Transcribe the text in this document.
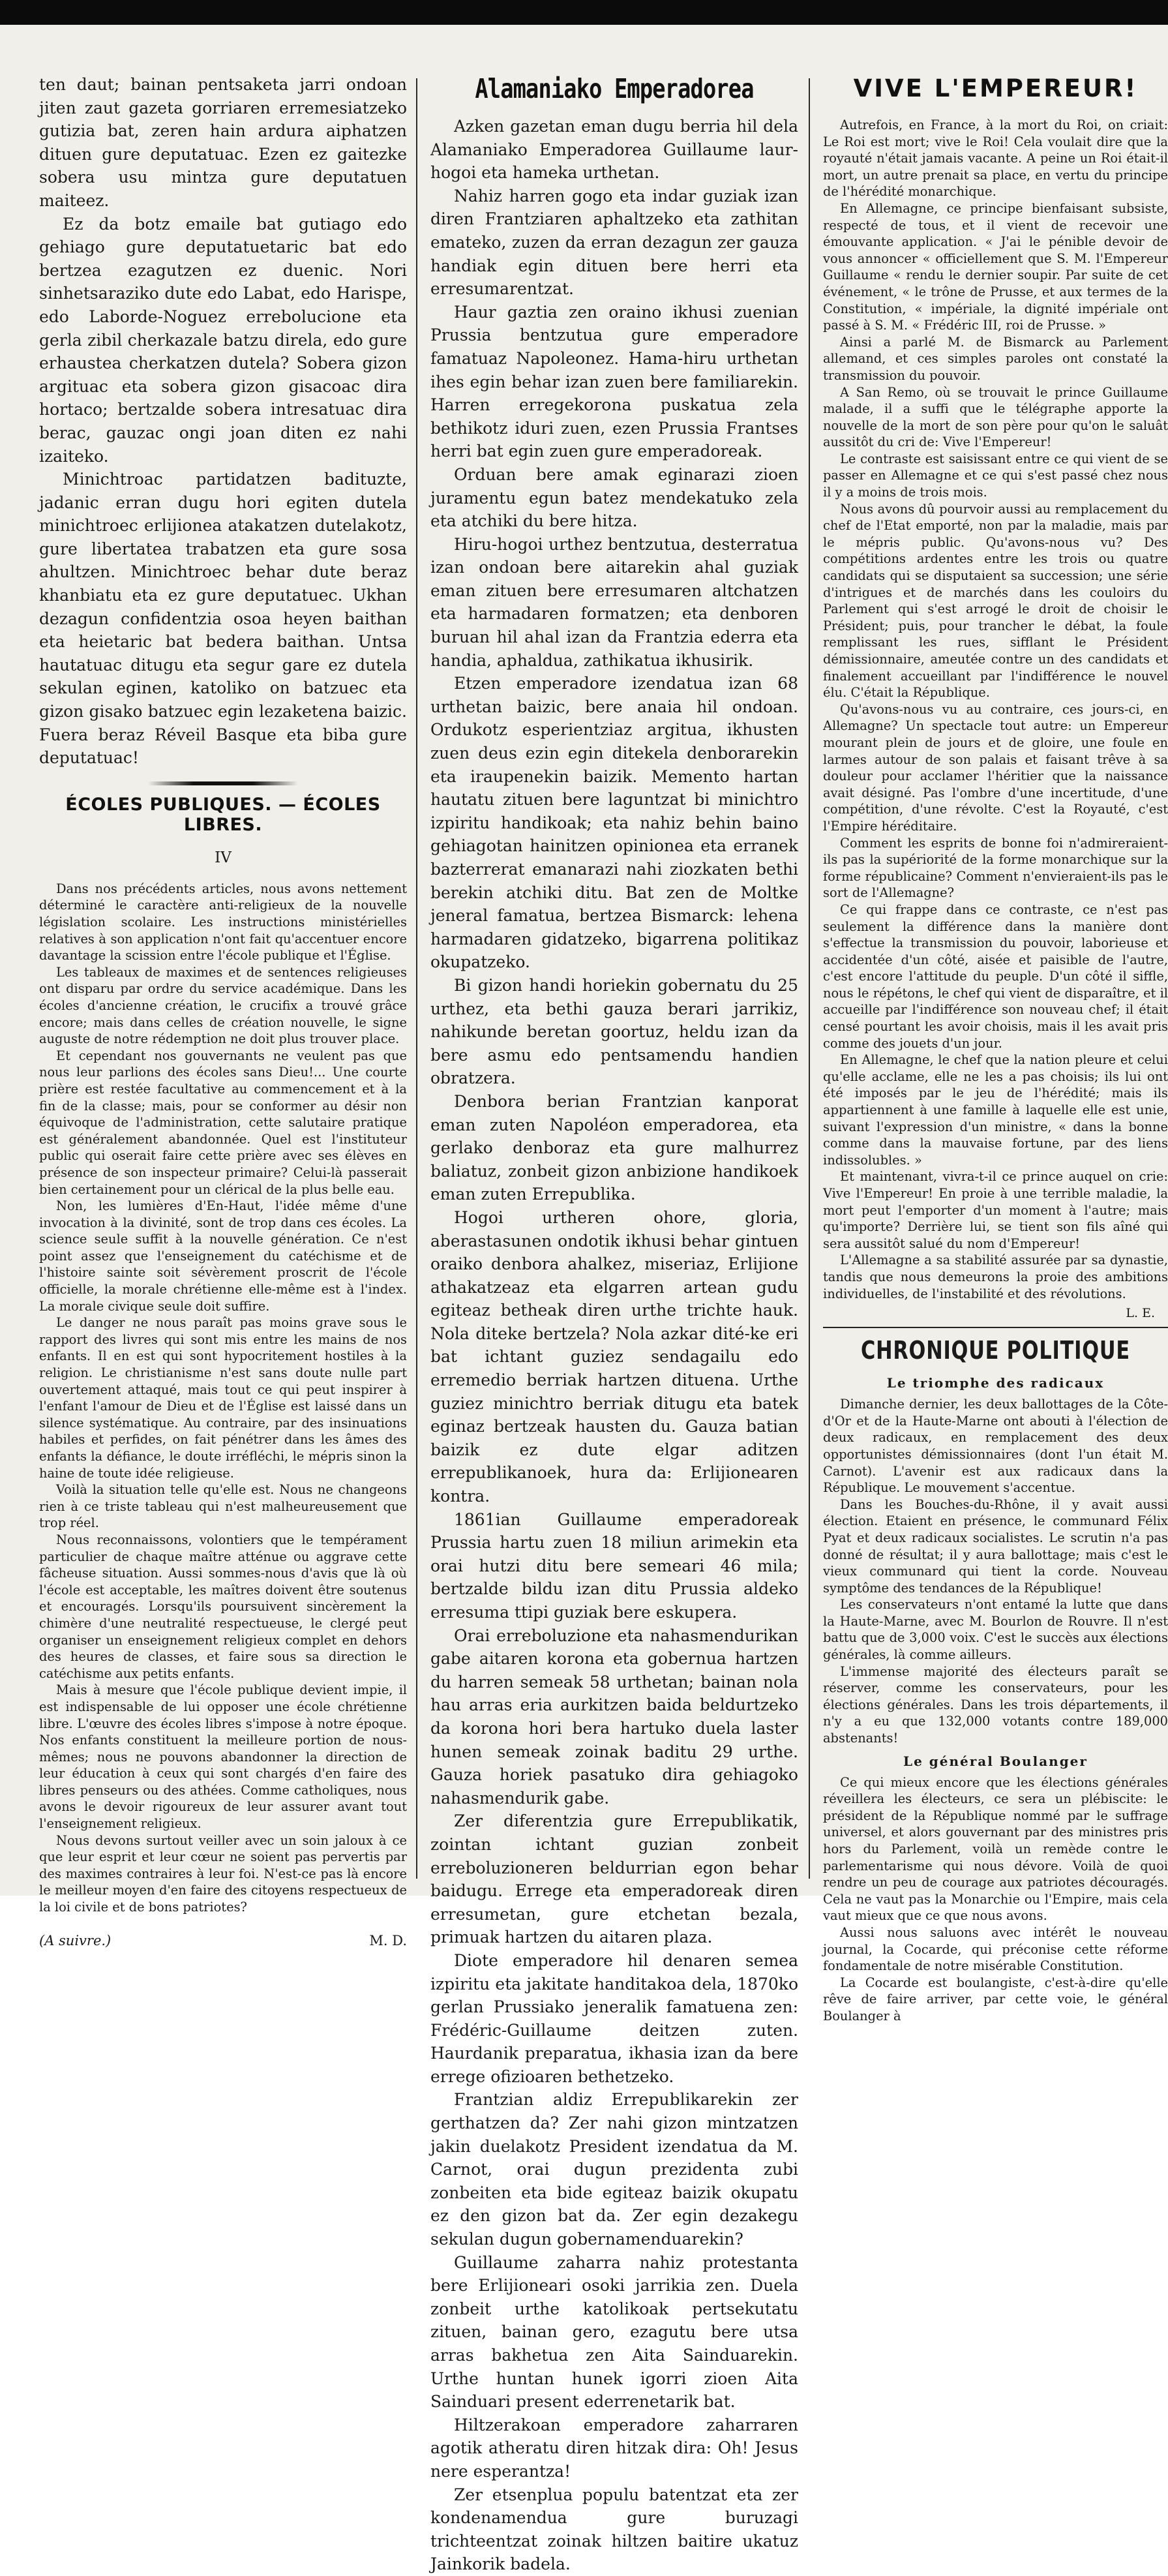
ten daut; bainan pentsaketa jarri ondoan jiten zaut gazeta gorriaren erremesiatzeko gutizia bat, zeren hain ardura aiphatzen dituen gure deputatuac. Ezen ez gaitezke sobera usu mintza gure deputatuen maiteez.

Ez da botz emaile bat gutiago edo gehiago gure deputatuetaric bat edo bertzea ezagutzen ez duenic. Nori sinhetsaraziko dute edo Labat, edo Harispe, edo Laborde-Noguez errebolucione eta gerla zibil cherkazale batzu direla, edo gure erhaustea cherkatzen dutela? Sobera gizon argituac eta sobera gizon gisacoac dira hortaco; bertzalde sobera intresatuac dira berac, gauzac ongi joan diten ez nahi izaiteko.

Minichtroac partidatzen badituzte, jadanic erran dugu hori egiten dutela minichtroec erlijionea atakatzen dutelakotz, gure libertatea trabatzen eta gure sosa ahultzen. Minichtroec behar dute beraz khanbiatu eta ez gure deputatuec. Ukhan dezagun confidentzia osoa heyen baithan eta heietaric bat bedera baithan. Untsa hautatuac ditugu eta segur gare ez dutela sekulan eginen, katoliko on batzuec eta gizon gisako batzuec egin lezaketena baizic. Fuera beraz Réveil Basque eta biba gure deputatuac!

ÉCOLES PUBLIQUES. — ÉCOLES LIBRES.
IV

Dans nos précédents articles, nous avons nettement déterminé le caractère anti-religieux de la nouvelle législation scolaire. Les instructions ministérielles relatives à son application n'ont fait qu'accentuer encore davantage la scission entre l'école publique et l'Église.

Les tableaux de maximes et de sentences religieuses ont disparu par ordre du service académique. Dans les écoles d'ancienne création, le crucifix a trouvé grâce encore; mais dans celles de création nouvelle, le signe auguste de notre rédemption ne doit plus trouver place.

Et cependant nos gouvernants ne veulent pas que nous leur parlions des écoles sans Dieu!... Une courte prière est restée facultative au commencement et à la fin de la classe; mais, pour se conformer au désir non équivoque de l'administration, cette salutaire pratique est généralement abandonnée. Quel est l'instituteur public qui oserait faire cette prière avec ses élèves en présence de son inspecteur primaire? Celui-là passerait bien certainement pour un clérical de la plus belle eau.

Non, les lumières d'En-Haut, l'idée même d'une invocation à la divinité, sont de trop dans ces écoles. La science seule suffit à la nouvelle génération. Ce n'est point assez que l'enseignement du catéchisme et de l'histoire sainte soit sévèrement proscrit de l'école officielle, la morale chrétienne elle-même est à l'index. La morale civique seule doit suffire.

Le danger ne nous paraît pas moins grave sous le rapport des livres qui sont mis entre les mains de nos enfants. Il en est qui sont hypocritement hostiles à la religion. Le christianisme n'est sans doute nulle part ouvertement attaqué, mais tout ce qui peut inspirer à l'enfant l'amour de Dieu et de l'Église est laissé dans un silence systématique. Au contraire, par des insinuations habiles et perfides, on fait pénétrer dans les âmes des enfants la défiance, le doute irréfléchi, le mépris sinon la haine de toute idée religieuse.

Voilà la situation telle qu'elle est. Nous ne changeons rien à ce triste tableau qui n'est malheureusement que trop réel.

Nous reconnaissons, volontiers que le tempérament particulier de chaque maître atténue ou aggrave cette fâcheuse situation. Aussi sommes-nous d'avis que là où l'école est acceptable, les maîtres doivent être soutenus et encouragés. Lorsqu'ils poursuivent sincèrement la chimère d'une neutralité respectueuse, le clergé peut organiser un enseignement religieux complet en dehors des heures de classes, et faire sous sa direction le catéchisme aux petits enfants.

Mais à mesure que l'école publique devient impie, il est indispensable de lui opposer une école chrétienne libre. L'œuvre des écoles libres s'impose à notre époque. Nos enfants constituent la meilleure portion de nous-mêmes; nous ne pouvons abandonner la direction de leur éducation à ceux qui sont chargés d'en faire des libres penseurs ou des athées. Comme catholiques, nous avons le devoir rigoureux de leur assurer avant tout l'enseignement religieux.

Nous devons surtout veiller avec un soin jaloux à ce que leur esprit et leur cœur ne soient pas pervertis par des maximes contraires à leur foi. N'est-ce pas là encore le meilleur moyen d'en faire des citoyens respectueux de la loi civile et de bons patriotes?

(A suivre.)	M. D.
Alamaniako Emperadorea

Azken gazetan eman dugu berria hil dela Alamaniako Emperadorea Guillaume laur-hogoi eta hameka urthetan.

Nahiz harren gogo eta indar guziak izan diren Frantziaren aphaltzeko eta zathitan emateko, zuzen da erran dezagun zer gauza handiak egin dituen bere herri eta erresumarentzat.

Haur gaztia zen oraino ikhusi zuenian Prussia bentzutua gure emperadore famatuaz Napoleonez. Hama-hiru urthetan ihes egin behar izan zuen bere familiarekin. Harren erregekorona puskatua zela bethikotz iduri zuen, ezen Prussia Frantses herri bat egin zuen gure emperadoreak.

Orduan bere amak eginarazi zioen juramentu egun batez mendekatuko zela eta atchiki du bere hitza.

Hiru-hogoi urthez bentzutua, desterratua izan ondoan bere aitarekin ahal guziak eman zituen bere erresumaren altchatzen eta harmadaren formatzen; eta denboren buruan hil ahal izan da Frantzia ederra eta handia, aphaldua, zathikatua ikhusirik.

Etzen emperadore izendatua izan 68 urthetan baizic, bere anaia hil ondoan. Ordukotz esperientziaz argitua, ikhusten zuen deus ezin egin ditekela denborarekin eta iraupenekin baizik. Memento hartan hautatu zituen bere laguntzat bi minichtro izpiritu handikoak; eta nahiz behin baino gehiagotan hainitzen opinionea eta erranek bazterrerat emanarazi nahi ziozkaten bethi berekin atchiki ditu. Bat zen de Moltke jeneral famatua, bertzea Bismarck: lehena harmadaren gidatzeko, bigarrena politikaz okupatzeko.

Bi gizon handi horiekin gobernatu du 25 urthez, eta bethi gauza berari jarrikiz, nahikunde beretan goortuz, heldu izan da bere asmu edo pentsamendu handien obratzera.

Denbora berian Frantzian kanporat eman zuten Napoléon emperadorea, eta gerlako denboraz eta gure malhurrez baliatuz, zonbeit gizon anbizione handikoek eman zuten Errepublika.

Hogoi urtheren ohore, gloria, aberastasunen ondotik ikhusi behar gintuen oraiko denbora ahalkez, miseriaz, Erlijione athakatzeaz eta elgarren artean gudu egiteaz betheak diren urthe trichte hauk. Nola diteke bertzela? Nola azkar dité-ke eri bat ichtant guziez sendagailu edo erremedio berriak hartzen dituena. Urthe guziez minichtro berriak ditugu eta batek eginaz bertzeak hausten du. Gauza batian baizik ez dute elgar aditzen errepublikanoek, hura da: Erlijionearen kontra.

1861ian Guillaume emperadoreak Prussia hartu zuen 18 miliun arimekin eta orai hutzi ditu bere semeari 46 mila; bertzalde bildu izan ditu Prussia aldeko erresuma ttipi guziak bere eskupera.

Orai erreboluzione eta nahasmendurikan gabe aitaren korona eta gobernua hartzen du harren semeak 58 urthetan; bainan nola hau arras eria aurkitzen baida beldurtzeko da korona hori bera hartuko duela laster hunen semeak zoinak baditu 29 urthe. Gauza horiek pasatuko dira gehiagoko nahasmendurik gabe.

Zer diferentzia gure Errepublikatik, zointan ichtant guzian zonbeit erreboluzioneren beldurrian egon behar baidugu. Errege eta emperadoreak diren erresumetan, gure etchetan bezala, primuak hartzen du aitaren plaza.

Diote emperadore hil denaren semea izpiritu eta jakitate handitakoa dela, 1870ko gerlan Prussiako jeneralik famatuena zen: Frédéric-Guillaume deitzen zuten. Haurdanik preparatua, ikhasia izan da bere errege ofizioaren bethetzeko.

Frantzian aldiz Errepublikarekin zer gerthatzen da? Zer nahi gizon mintzatzen jakin duelakotz President izendatua da M. Carnot, orai dugun prezidenta zubi zonbeiten eta bide egiteaz baizik okupatu ez den gizon bat da. Zer egin dezakegu sekulan dugun gobernamenduarekin?

Guillaume zaharra nahiz protestanta bere Erlijioneari osoki jarrikia zen. Duela zonbeit urthe katolikoak pertsekutatu zituen, bainan gero, ezagutu bere utsa arras bakhetua zen Aita Sainduarekin. Urthe huntan hunek igorri zioen Aita Sainduari present ederrenetarik bat.

Hiltzerakoan emperadore zaharraren agotik atheratu diren hitzak dira: Oh! Jesus nere esperantza!

Zer etsenplua populu batentzat eta zer kondenamendua gure buruzagi trichteentzat zoinak hiltzen baitire ukatuz Jainkorik badela.

VIVE L'EMPEREUR!

Autrefois, en France, à la mort du Roi, on criait: Le Roi est mort; vive le Roi! Cela voulait dire que la royauté n'était jamais vacante. A peine un Roi était-il mort, un autre prenait sa place, en vertu du principe de l'hérédité monarchique.

En Allemagne, ce principe bienfaisant subsiste, respecté de tous, et il vient de recevoir une émouvante application. « J'ai le pénible devoir de vous annoncer « officiellement que S. M. l'Empereur Guillaume « rendu le dernier soupir. Par suite de cet événement, « le trône de Prusse, et aux termes de la Constitution, « impériale, la dignité impériale ont passé à S. M. « Frédéric III, roi de Prusse. »

Ainsi a parlé M. de Bismarck au Parlement allemand, et ces simples paroles ont constaté la transmission du pouvoir.

A San Remo, où se trouvait le prince Guillaume malade, il a suffi que le télégraphe apporte la nouvelle de la mort de son père pour qu'on le saluât aussitôt du cri de: Vive l'Empereur!

Le contraste est saisissant entre ce qui vient de se passer en Allemagne et ce qui s'est passé chez nous il y a moins de trois mois.

Nous avons dû pourvoir aussi au remplacement du chef de l'Etat emporté, non par la maladie, mais par le mépris public. Qu'avons-nous vu? Des compétitions ardentes entre les trois ou quatre candidats qui se disputaient sa succession; une série d'intrigues et de marchés dans les couloirs du Parlement qui s'est arrogé le droit de choisir le Président; puis, pour trancher le débat, la foule remplissant les rues, sifflant le Président démissionnaire, ameutée contre un des candidats et finalement accueillant par l'indifférence le nouvel élu. C'était la République.

Qu'avons-nous vu au contraire, ces jours-ci, en Allemagne? Un spectacle tout autre: un Empereur mourant plein de jours et de gloire, une foule en larmes autour de son palais et faisant trêve à sa douleur pour acclamer l'héritier que la naissance avait désigné. Pas l'ombre d'une incertitude, d'une compétition, d'une révolte. C'est la Royauté, c'est l'Empire héréditaire.

Comment les esprits de bonne foi n'admireraient-ils pas la supériorité de la forme monarchique sur la forme républicaine? Comment n'envieraient-ils pas le sort de l'Allemagne?

Ce qui frappe dans ce contraste, ce n'est pas seulement la différence dans la manière dont s'effectue la transmission du pouvoir, laborieuse et accidentée d'un côté, aisée et paisible de l'autre, c'est encore l'attitude du peuple. D'un côté il siffle, nous le répétons, le chef qui vient de disparaître, et il accueille par l'indifférence son nouveau chef; il était censé pourtant les avoir choisis, mais il les avait pris comme des jouets d'un jour.

En Allemagne, le chef que la nation pleure et celui qu'elle acclame, elle ne les a pas choisis; ils lui ont été imposés par le jeu de l'hérédité; mais ils appartiennent à une famille à laquelle elle est unie, suivant l'expression d'un ministre, « dans la bonne comme dans la mauvaise fortune, par des liens indissolubles. »

Et maintenant, vivra-t-il ce prince auquel on crie: Vive l'Empereur! En proie à une terrible maladie, la mort peut l'emporter d'un moment à l'autre; mais qu'importe? Derrière lui, se tient son fils aîné qui sera aussitôt salué du nom d'Empereur!

L'Allemagne a sa stabilité assurée par sa dynastie, tandis que nous demeurons la proie des ambitions individuelles, de l'instabilité et des révolutions.

L. E.
CHRONIQUE POLITIQUE
Le triomphe des radicaux

Dimanche dernier, les deux ballottages de la Côte-d'Or et de la Haute-Marne ont abouti à l'élection de deux radicaux, en remplacement des deux opportunistes démissionnaires (dont l'un était M. Carnot). L'avenir est aux radicaux dans la République. Le mouvement s'accentue.

Dans les Bouches-du-Rhône, il y avait aussi élection. Etaient en présence, le communard Félix Pyat et deux radicaux socialistes. Le scrutin n'a pas donné de résultat; il y aura ballottage; mais c'est le vieux communard qui tient la corde. Nouveau symptôme des tendances de la République!

Les conservateurs n'ont entamé la lutte que dans la Haute-Marne, avec M. Bourlon de Rouvre. Il n'est battu que de 3,000 voix. C'est le succès aux élections générales, là comme ailleurs.

L'immense majorité des électeurs paraît se réserver, comme les conservateurs, pour les élections générales. Dans les trois départements, il n'y a eu que 132,000 votants contre 189,000 abstenants!

Le général Boulanger

Ce qui mieux encore que les élections générales réveillera les électeurs, ce sera un plébiscite: le président de la République nommé par le suffrage universel, et alors gouvernant par des ministres pris hors du Parlement, voilà un remède contre le parlementarisme qui nous dévore. Voilà de quoi rendre un peu de courage aux patriotes découragés. Cela ne vaut pas la Monarchie ou l'Empire, mais cela vaut mieux que ce que nous avons.

Aussi nous saluons avec intérêt le nouveau journal, la Cocarde, qui préconise cette réforme fondamentale de notre misérable Constitution.

La Cocarde est boulangiste, c'est-à-dire qu'elle rêve de faire arriver, par cette voie, le général Boulanger à
